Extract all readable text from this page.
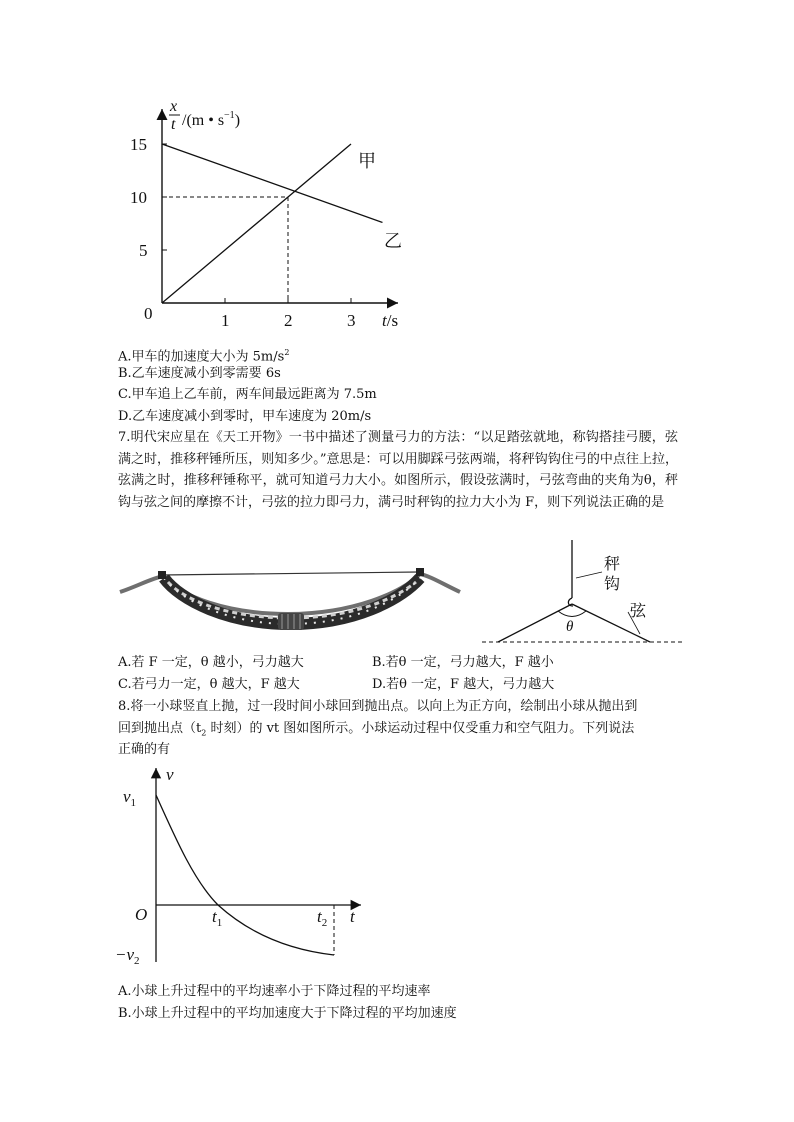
x
t /(m • $s^{-1}$)
15
10
5
1	2	3
0	t/s
甲
乙
A.甲车的加速度大小为 $5m/s^2$
B.乙车速度减小到零需要 6s
C.甲车追上乙车前，两车间最远距离为 7.5m
D.乙车速度减小到零时，甲车速度为 20m/s
7.明代宋应星在《天工开物》一书中描述了测量弓力的方法：“以足踏弦就地，称钩搭挂弓腰，弦满之时，推移秤锤所压，则知多少。”意思是：可以用脚踩弓弦两端，将秤钩钩住弓的中点往上拉，弦满之时，推移秤锤称平，就可知道弓力大小。如图所示，假设弦满时，弓弦弯曲的夹角为θ，秤钩与弦之间的摩擦不计，弓弦的拉力即弓力，满弓时秤钩的拉力大小为 F，则下列说法正确的是
秤
钩
弦
θ
A.若 F 一定，θ 越小，弓力越大	B.若θ 一定，弓力越大，F 越小
C.若弓力一定，θ 越大，F 越大	D.若θ 一定，F 越大，弓力越大
8.将一小球竖直上抛，过一段时间小球回到抛出点。以向上为正方向，绘制出小球从抛出到
回到抛出点（$t_2$ 时刻）的 vt 图如图所示。小球运动过程中仅受重力和空气阻力。下列说法
正确的有
v
$v_1$
O	$t_1$	$t_2$ t
$-v_2$
A.小球上升过程中的平均速率小于下降过程的平均速率
B.小球上升过程中的平均加速度大于下降过程的平均加速度
